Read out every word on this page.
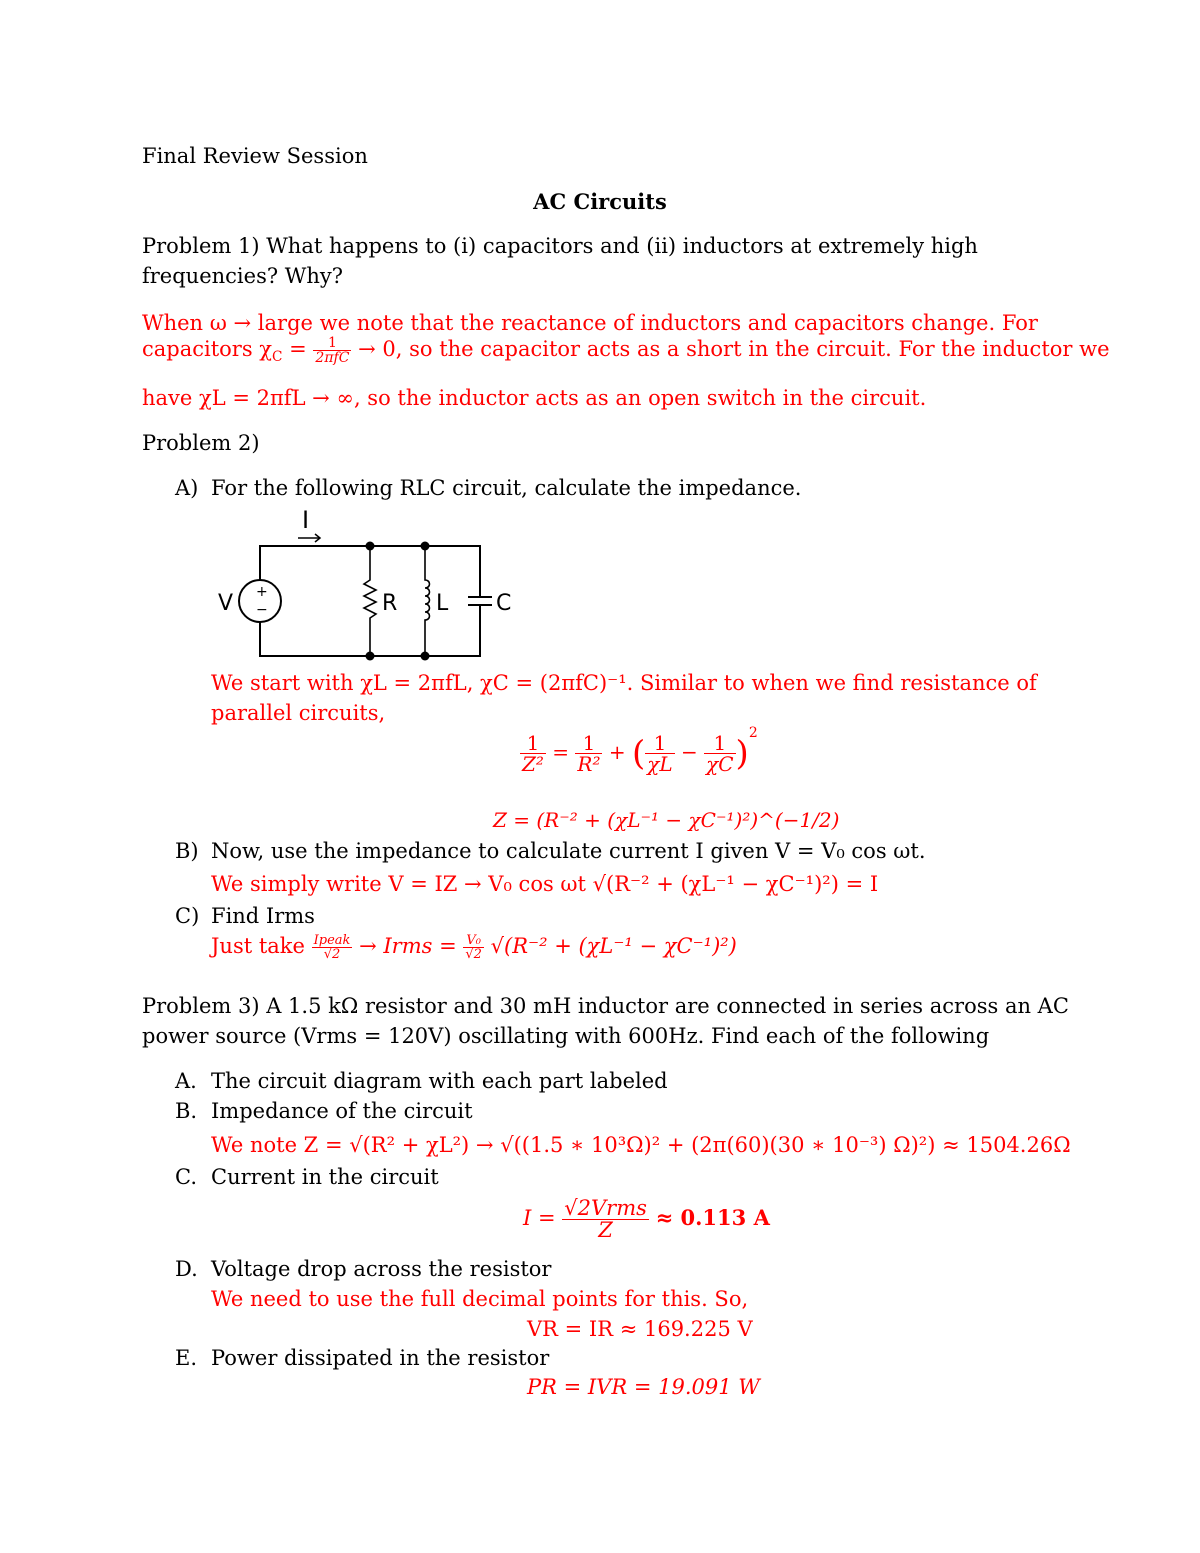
Final Review Session
AC Circuits
Problem 1) What happens to (i) capacitors and (ii) inductors at extremely high
frequencies? Why?
When ω → large we note that the reactance of inductors and capacitors change. For
capacitors $\chi_C = \frac{1}{\text{2πfC}} \to 0$, so the capacitor acts as a short in the circuit. For the inductor we
have χL = 2πfL → ∞, so the inductor acts as an open switch in the circuit.
Problem 2)
A) For the following RLC circuit, calculate the impedance.
I
+
−
V	R L C
We start with χL = 2πfL, χC = (2πfC)⁻¹. Similar to when we find resistance of
parallel circuits,
$\frac{1}{\text{Z²}} = \frac{1}{\text{R²}}$ + ( $\frac{1}{\chi L} - \frac{1}{\chi C} )^2$
Z = (R⁻² + (χL⁻¹ − χC⁻¹)²)^(−1/2)
B) Now, use the impedance to calculate current I given V = V₀ cos ωt.
We simply write V = IZ → V₀ cos ωt √(R⁻² + (χL⁻¹ − χC⁻¹)²) = I
C) Find Irms
Just take $\frac{\text{Ipeak}}{√2}$ → Irms = $\frac{\text{V₀}}{√2} √(R^{-2} + (\chi L^{-1} - \chi C^{-1})^2)$
Problem 3) A 1.5 kΩ resistor and 30 mH inductor are connected in series across an AC
power source (Vrms = 120V) oscillating with 600Hz. Find each of the following
A. The circuit diagram with each part labeled
B. Impedance of the circuit
We note Z = √(R² + χL²) → √((1.5 ∗ 10³Ω)² + (2π(60)(30 ∗ 10⁻³) Ω)²) ≈ 1504.26Ω
C. Current in the circuit
$I = \frac{\text{√2Vrms}}{Z} \approx 0.113$ A
D. Voltage drop across the resistor
We need to use the full decimal points for this. So,
VR = IR ≈ 169.225 V
E. Power dissipated in the resistor
PR = IVR = 19.091 W
